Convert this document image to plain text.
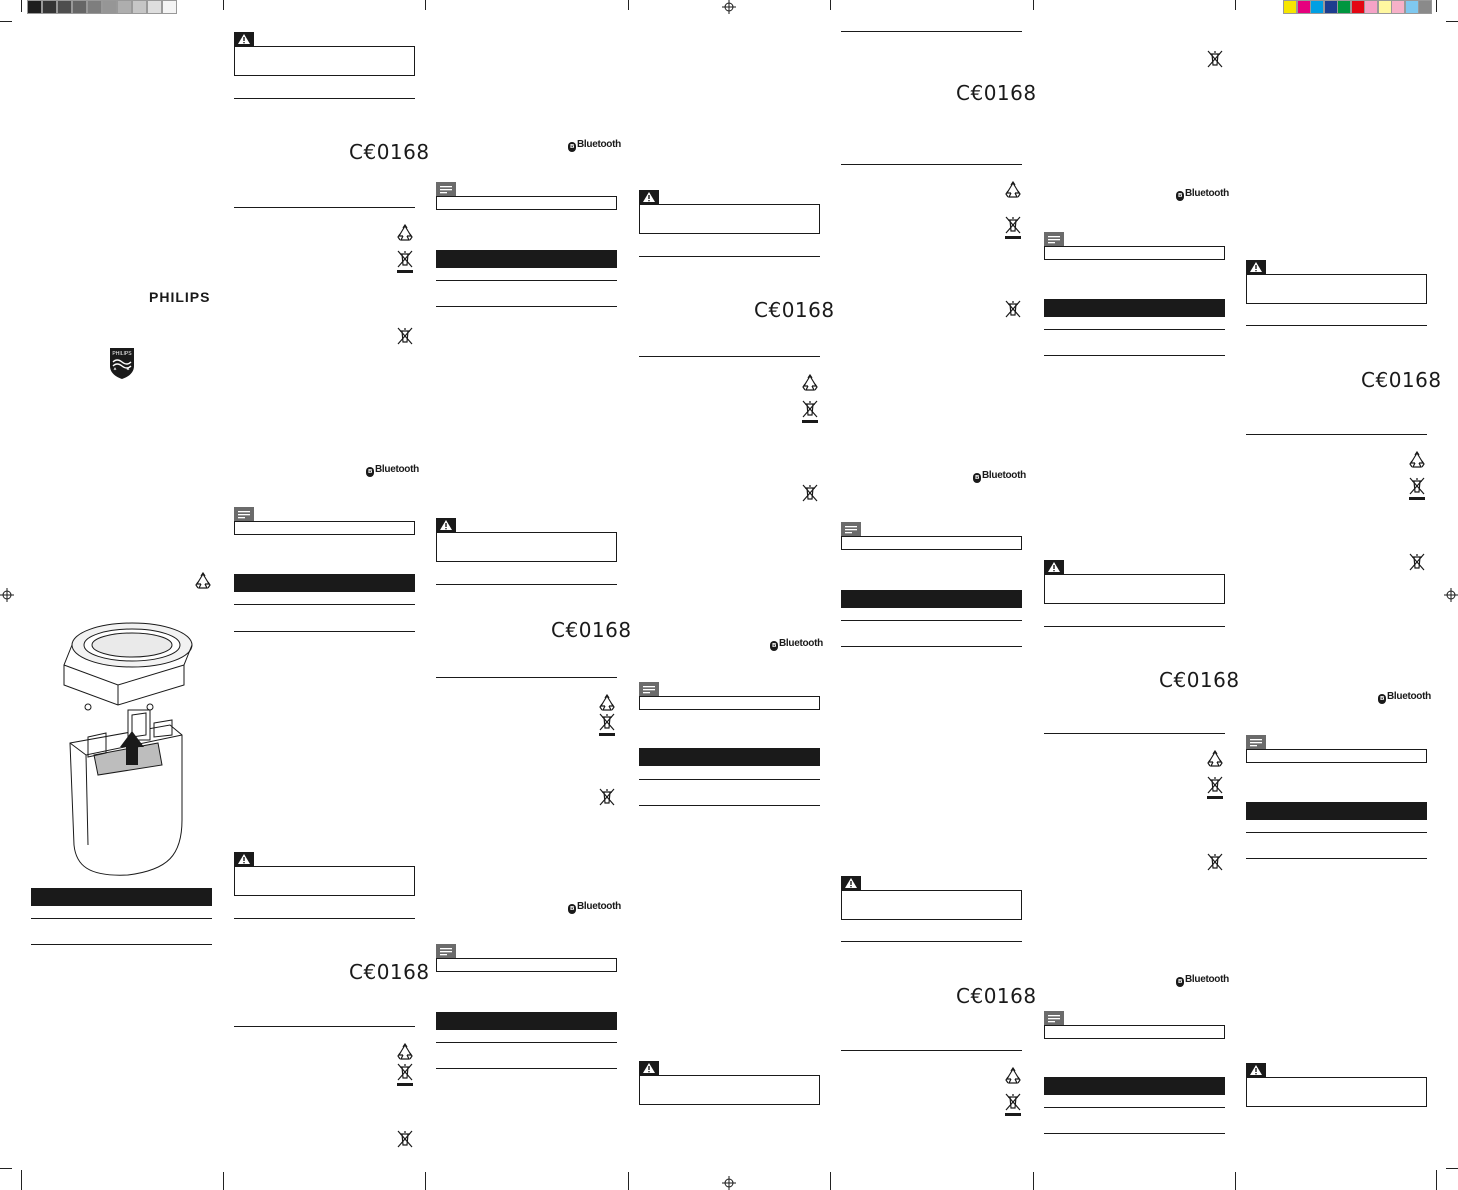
PHILIPS
PHILIPS
C€0168
ʙ Bluetooth
C€0168
ʙ Bluetooth
C€0168
ʙ Bluetooth
C€0168
ʙ Bluetooth
C€0168
ʙ Bluetooth
C€0168
ʙ Bluetooth
C€0168
ʙ Bluetooth
C€0168
ʙ Bluetooth
